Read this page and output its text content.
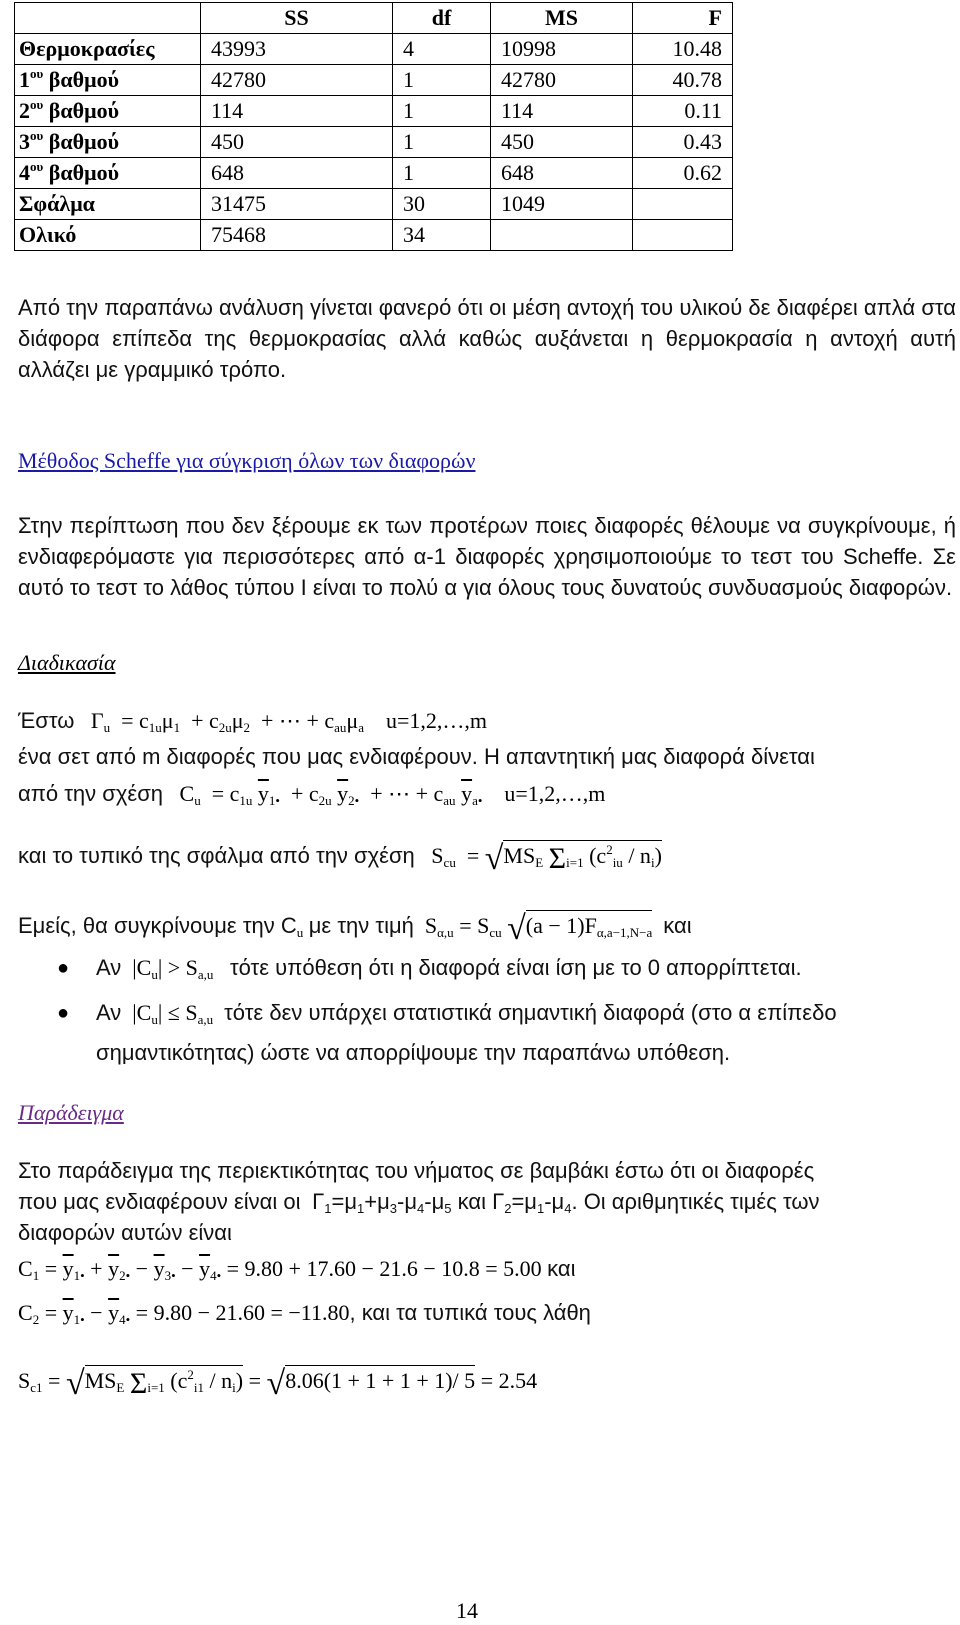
	SS	df	MS	F
Θερμοκρασίες	43993	4	10998	10.48
$1^{o\upsilon}$ βαθμού	42780	1	42780	40.78
$2^{o\upsilon}$ βαθμού	114	1	114	0.11
$3^{o\upsilon}$ βαθμού	450	1	450	0.43
$4^{o\upsilon}$ βαθμού	648	1	648	0.62
Σφάλμα	31475	30	1049	
Ολικό	75468	34		
Από την παραπάνω ανάλυση γίνεται φανερό ότι οι μέση αντοχή του υλικού δε διαφέρει απλά στα διάφορα επίπεδα της θερμοκρασίας αλλά καθώς αυξάνεται η θερμοκρασία η αντοχή αυτή αλλάζει με γραμμικό τρόπο.
Μέθοδος Scheffe για σύγκριση όλων των διαφορών
Στην περίπτωση που δεν ξέρουμε εκ των προτέρων ποιες διαφορές θέλουμε να συγκρίνουμε, ή ενδιαφερόμαστε για περισσότερες από α-1 διαφορές χρησιμοποιούμε το τεστ του Scheffe. Σε αυτό το τεστ το λάθος τύπου Ι είναι το πολύ α για όλους τους δυνατούς συνδυασμούς διαφορών.
Διαδικασία
Έστω   $\Gamma_u = c_{1u}\mu_1 + c_{2u}\mu_2$  + ⋯ + $c_{au}\mu_a$ u=1,2,…,m
ένα σετ από m διαφορές που μας ενδιαφέρουν. Η απαντητική μας διαφορά δίνεται
από την σχέση   $C_u = c_{1u}$ $\overline{y}_{1•} + c_{2u}$ $\overline{y}_{2•}$  + ⋯ + $c_{au}$ $\overline{y}_{a•}$ u=1,2,…,m
και το τυπικό της σφάλμα από την σχέση   $S_{cu} = √MS_E$ $\Sigma_{i=1}$ $(c^2_{iu} / n_i)$
Εμείς, θα συγκρίνουμε την $C_u$ με την τιμή  $S_{\alpha,u} = S_{cu}$ $√(a - 1)F_{\alpha,a-1,N-a}$ και
● Αν  $|C_u| > S_{a,u}$ τότε υπόθεση ότι η διαφορά είναι ίση με το 0 απορρίπτεται.
● Αν  $|C_u| \le S_{a,u}$ τότε δεν υπάρχει στατιστικά σημαντική διαφορά (στο α επίπεδο
σημαντικότητας) ώστε να απορρίψουμε την παραπάνω υπόθεση.
Παράδειγμα
Στο παράδειγμα της περιεκτικότητας του νήματος σε βαμβάκι έστω ότι οι διαφορές
που μας ενδιαφέρουν είναι οι  $\Gamma_1=\mu_1+\mu_3-\mu_4-\mu_5$ και $\Gamma_2=\mu_1-\mu_4$. Οι αριθμητικές τιμές των
διαφορών αυτών είναι
$C_1 = \overline{y}_{1•} + \overline{y}_{2•} - \overline{y}_{3•} - \overline{y}_{4•} = 9.80 + 17.60 - 21.6 - 10.8 = 5.00$ και
$C_2 = \overline{y}_{1•} - \overline{y}_{4•} = 9.80 - 21.60 = -11.80$, και τα τυπικά τους λάθη
$S_{c1} = √MS_E$ $\Sigma_{i=1}$ $(c^2_{i1} / n_i) = √8.06(1 + 1 + 1 + 1)/$ 5 = 2.54
14
